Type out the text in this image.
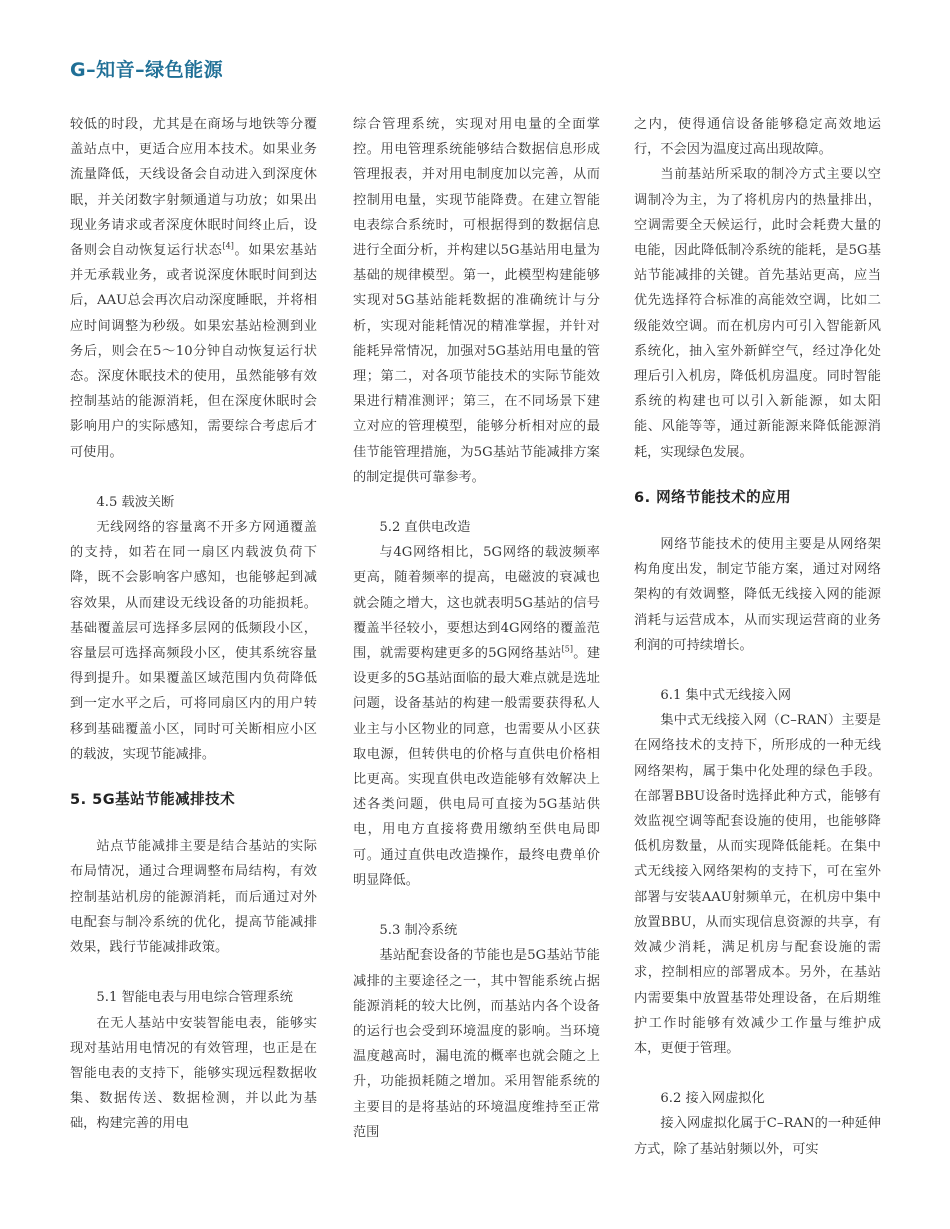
G–知音–绿色能源

较低的时段，尤其是在商场与地铁等分覆盖站点中，更适合应用本技术。如果业务流量降低，天线设备会自动进入到深度休眠，并关闭数字射频通道与功放；如果出现业务请求或者深度休眠时间终止后，设备则会自动恢复运行状态[4]。如果宏基站并无承载业务，或者说深度休眠时间到达后，AAU总会再次启动深度睡眠，并将相应时间调整为秒级。如果宏基站检测到业务后，则会在5～10分钟自动恢复运行状态。深度休眠技术的使用，虽然能够有效控制基站的能源消耗，但在深度休眠时会影响用户的实际感知，需要综合考虑后才可使用。

4.5 载波关断

无线网络的容量离不开多方网通覆盖的支持，如若在同一扇区内载波负荷下降，既不会影响客户感知，也能够起到减容效果，从而建设无线设备的功能损耗。基础覆盖层可选择多层网的低频段小区，容量层可选择高频段小区，使其系统容量得到提升。如果覆盖区域范围内负荷降低到一定水平之后，可将同扇区内的用户转移到基础覆盖小区，同时可关断相应小区的载波，实现节能减排。

5. 5G基站节能减排技术

站点节能减排主要是结合基站的实际布局情况，通过合理调整布局结构，有效控制基站机房的能源消耗，而后通过对外电配套与制冷系统的优化，提高节能减排效果，践行节能减排政策。

5.1 智能电表与用电综合管理系统

在无人基站中安装智能电表，能够实现对基站用电情况的有效管理，也正是在智能电表的支持下，能够实现远程数据收集、数据传送、数据检测，并以此为基础，构建完善的用电

综合管理系统，实现对用电量的全面掌控。用电管理系统能够结合数据信息形成管理报表，并对用电制度加以完善，从而控制用电量，实现节能降费。在建立智能电表综合系统时，可根据得到的数据信息进行全面分析，并构建以5G基站用电量为基础的规律模型。第一，此模型构建能够实现对5G基站能耗数据的准确统计与分析，实现对能耗情况的精准掌握，并针对能耗异常情况，加强对5G基站用电量的管理；第二，对各项节能技术的实际节能效果进行精准测评；第三，在不同场景下建立对应的管理模型，能够分析相对应的最佳节能管理措施，为5G基站节能减排方案的制定提供可靠参考。

5.2 直供电改造

与4G网络相比，5G网络的载波频率更高，随着频率的提高，电磁波的衰减也就会随之增大，这也就表明5G基站的信号覆盖半径较小，要想达到4G网络的覆盖范围，就需要构建更多的5G网络基站[5]。建设更多的5G基站面临的最大难点就是选址问题，设备基站的构建一般需要获得私人业主与小区物业的同意，也需要从小区获取电源，但转供电的价格与直供电价格相比更高。实现直供电改造能够有效解决上述各类问题，供电局可直接为5G基站供电，用电方直接将费用缴纳至供电局即可。通过直供电改造操作，最终电费单价明显降低。

5.3 制冷系统

基站配套设备的节能也是5G基站节能减排的主要途径之一，其中智能系统占据能源消耗的较大比例，而基站内各个设备的运行也会受到环境温度的影响。当环境温度越高时，漏电流的概率也就会随之上升，功能损耗随之增加。采用智能系统的主要目的是将基站的环境温度维持至正常范围

之内，使得通信设备能够稳定高效地运行，不会因为温度过高出现故障。

当前基站所采取的制冷方式主要以空调制冷为主，为了将机房内的热量排出，空调需要全天候运行，此时会耗费大量的电能，因此降低制冷系统的能耗，是5G基站节能减排的关键。首先基站更高，应当优先选择符合标准的高能效空调，比如二级能效空调。而在机房内可引入智能新风系统化，抽入室外新鲜空气，经过净化处理后引入机房，降低机房温度。同时智能系统的构建也可以引入新能源，如太阳能、风能等等，通过新能源来降低能源消耗，实现绿色发展。

6. 网络节能技术的应用

网络节能技术的使用主要是从网络架构角度出发，制定节能方案，通过对网络架构的有效调整，降低无线接入网的能源消耗与运营成本，从而实现运营商的业务利润的可持续增长。

6.1 集中式无线接入网

集中式无线接入网（C–RAN）主要是在网络技术的支持下，所形成的一种无线网络架构，属于集中化处理的绿色手段。在部署BBU设备时选择此种方式，能够有效监视空调等配套设施的使用，也能够降低机房数量，从而实现降低能耗。在集中式无线接入网络架构的支持下，可在室外部署与安装AAU射频单元，在机房中集中放置BBU，从而实现信息资源的共享，有效减少消耗，满足机房与配套设施的需求，控制相应的部署成本。另外，在基站内需要集中放置基带处理设备，在后期维护工作时能够有效减少工作量与维护成本，更便于管理。

6.2 接入网虚拟化

接入网虚拟化属于C–RAN的一种延伸方式，除了基站射频以外，可实
